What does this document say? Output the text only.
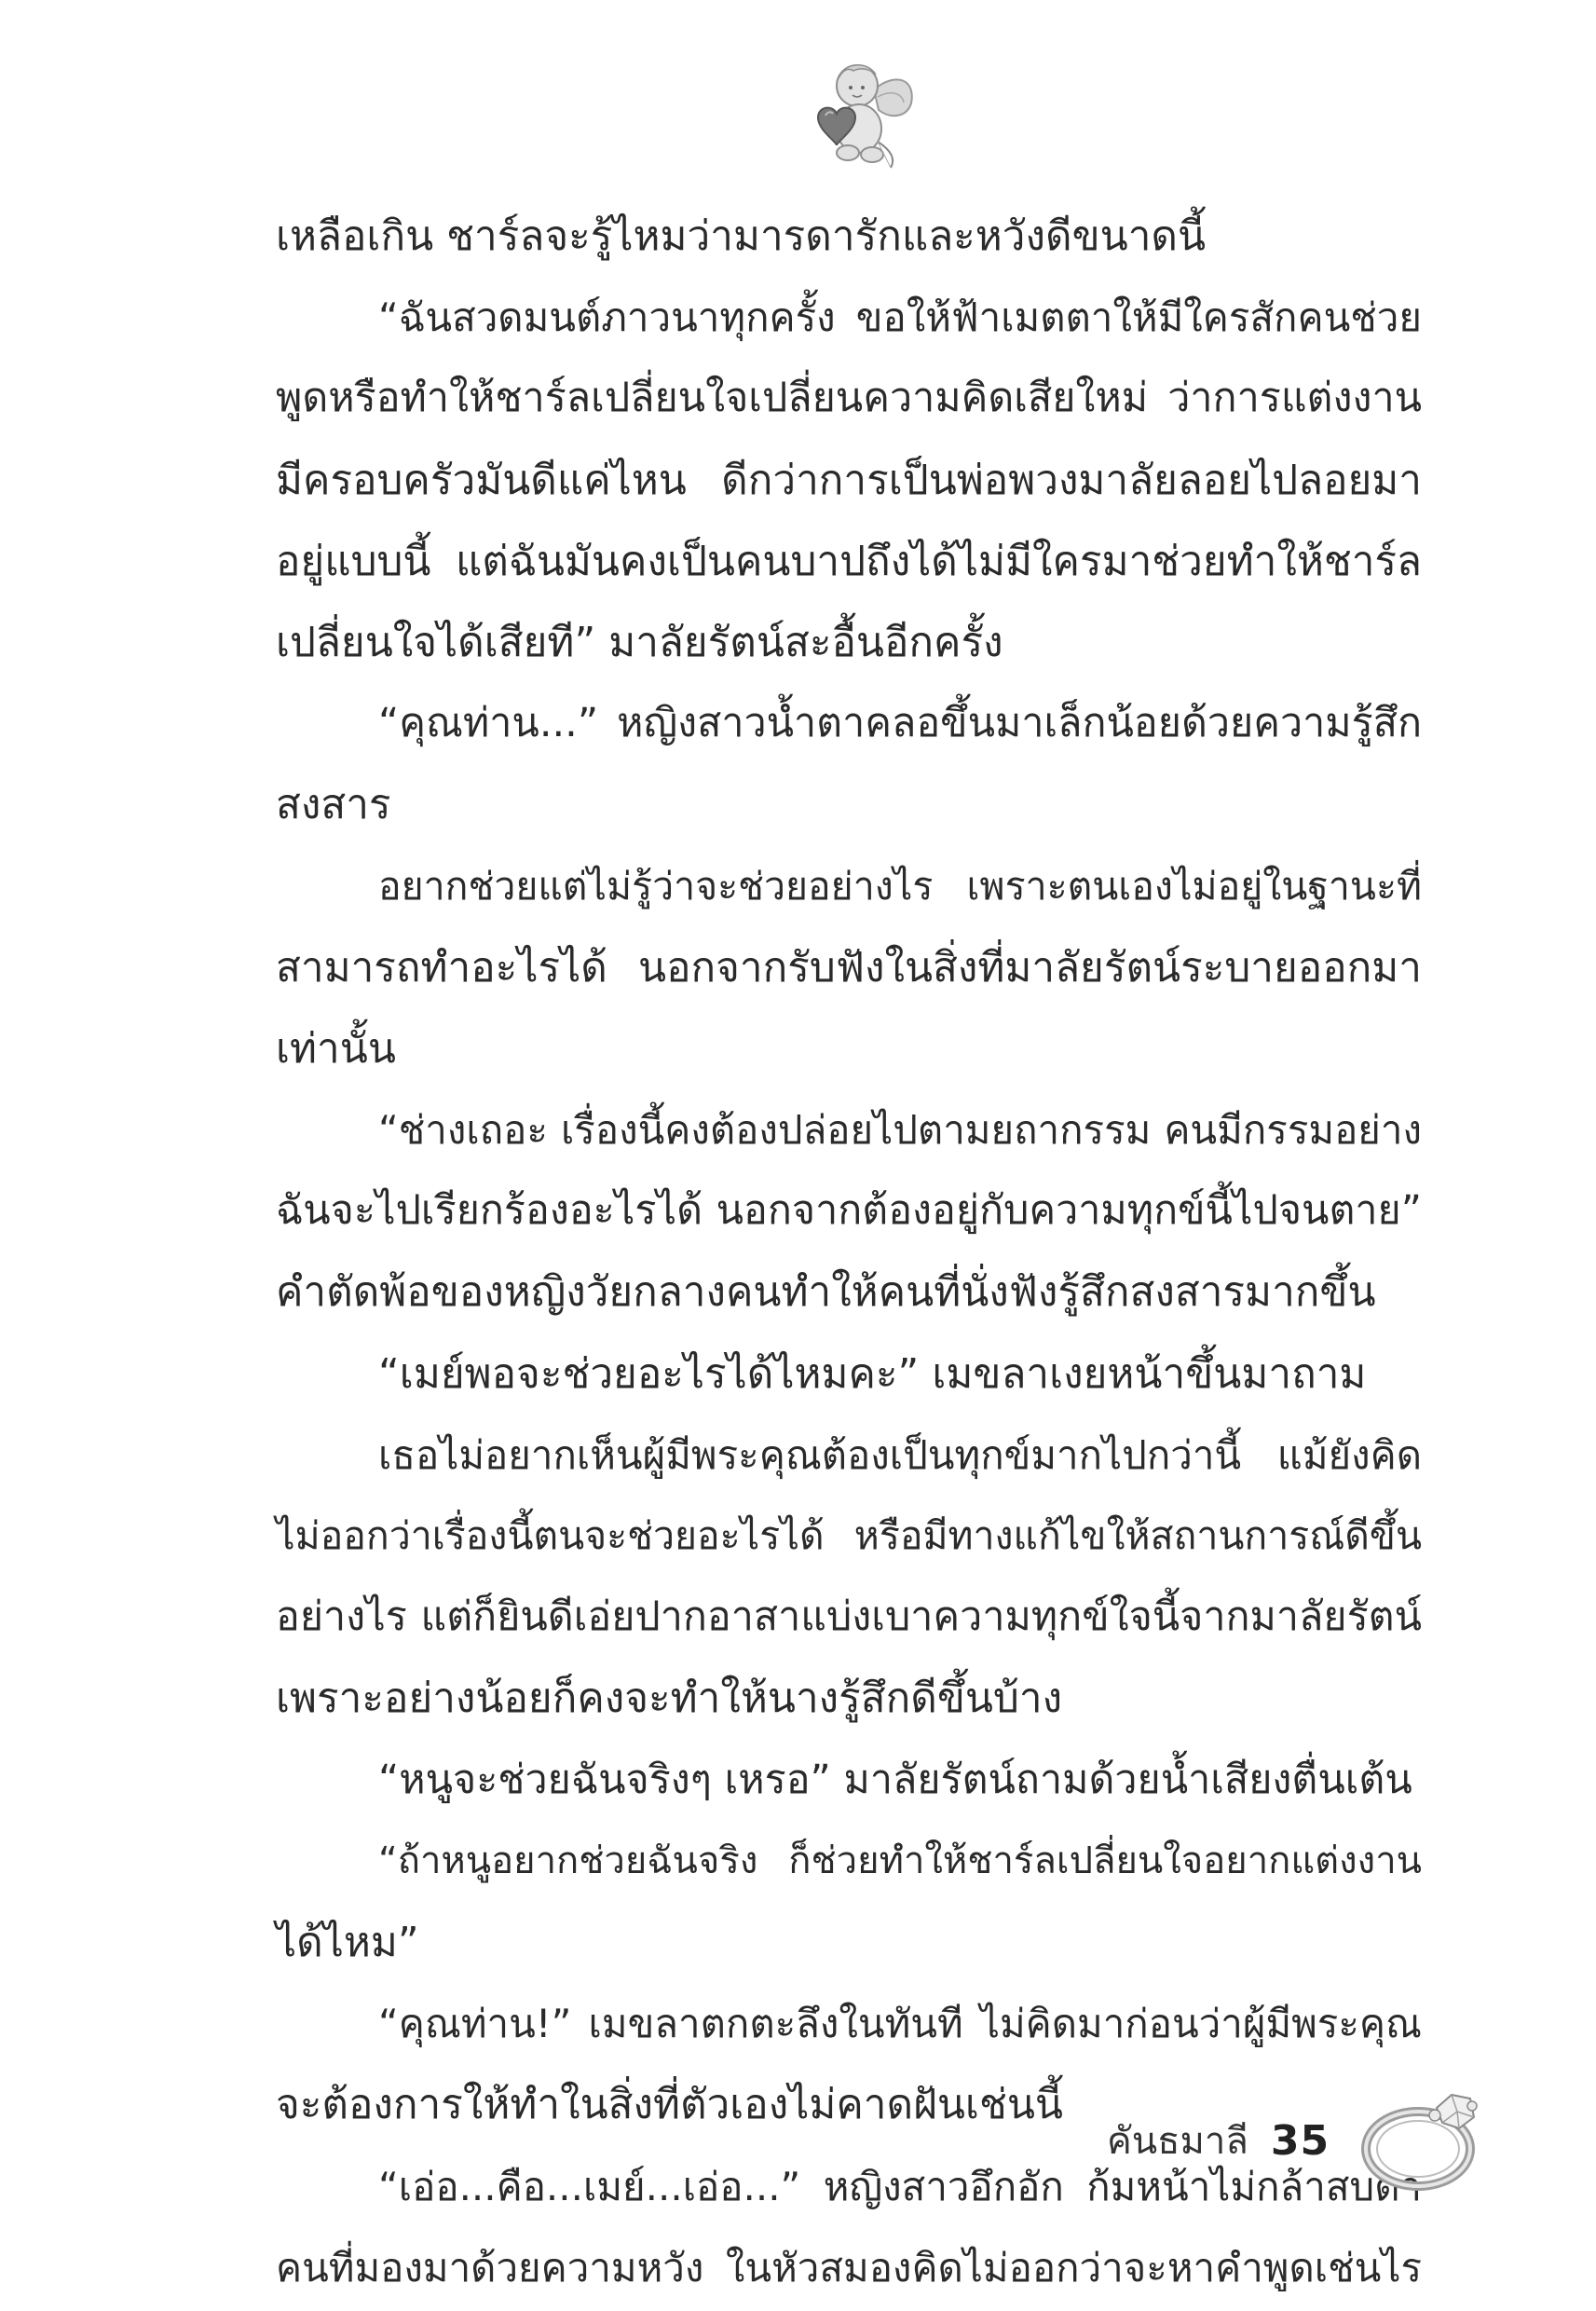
เหลือเกิน ชาร์ลจะรู้ไหมว่ามารดารักและหวังดีขนาดนี้
“ฉันสวดมนต์ภาวนาทุกครั้ง ขอให้ฟ้าเมตตาให้มีใครสักคนช่วย
พูดหรือทำให้ชาร์ลเปลี่ยนใจเปลี่ยนความคิดเสียใหม่ ว่าการแต่งงาน
มีครอบครัวมันดีแค่ไหน ดีกว่าการเป็นพ่อพวงมาลัยลอยไปลอยมา
อยู่แบบนี้ แต่ฉันมันคงเป็นคนบาปถึงได้ไม่มีใครมาช่วยทำให้ชาร์ล
เปลี่ยนใจได้เสียที” มาลัยรัตน์สะอื้นอีกครั้ง
“คุณท่าน...” หญิงสาวน้ำตาคลอขึ้นมาเล็กน้อยด้วยความรู้สึก
สงสาร
อยากช่วยแต่ไม่รู้ว่าจะช่วยอย่างไร เพราะตนเองไม่อยู่ในฐานะที่
สามารถทำอะไรได้ นอกจากรับฟังในสิ่งที่มาลัยรัตน์ระบายออกมา
เท่านั้น
“ช่างเถอะ เรื่องนี้คงต้องปล่อยไปตามยถากรรม คนมีกรรมอย่าง
ฉันจะไปเรียกร้องอะไรได้ นอกจากต้องอยู่กับความทุกข์นี้ไปจนตาย”
คำตัดพ้อของหญิงวัยกลางคนทำให้คนที่นั่งฟังรู้สึกสงสารมากขึ้น
“เมย์พอจะช่วยอะไรได้ไหมคะ” เมขลาเงยหน้าขึ้นมาถาม
เธอไม่อยากเห็นผู้มีพระคุณต้องเป็นทุกข์มากไปกว่านี้ แม้ยังคิด
ไม่ออกว่าเรื่องนี้ตนจะช่วยอะไรได้ หรือมีทางแก้ไขให้สถานการณ์ดีขึ้น
อย่างไร แต่ก็ยินดีเอ่ยปากอาสาแบ่งเบาความทุกข์ใจนี้จากมาลัยรัตน์
เพราะอย่างน้อยก็คงจะทำให้นางรู้สึกดีขึ้นบ้าง
“หนูจะช่วยฉันจริงๆ เหรอ” มาลัยรัตน์ถามด้วยน้ำเสียงตื่นเต้น
“ถ้าหนูอยากช่วยฉันจริง ก็ช่วยทำให้ชาร์ลเปลี่ยนใจอยากแต่งงาน
ได้ไหม”
“คุณท่าน!” เมขลาตกตะลึงในทันที ไม่คิดมาก่อนว่าผู้มีพระคุณ
จะต้องการให้ทำในสิ่งที่ตัวเองไม่คาดฝันเช่นนี้
“เอ่อ...คือ...เมย์...เอ่อ...” หญิงสาวอึกอัก ก้มหน้าไม่กล้าสบตา
คนที่มองมาด้วยความหวัง ในหัวสมองคิดไม่ออกว่าจะหาคำพูดเช่นไร
คันธมาลี 35
